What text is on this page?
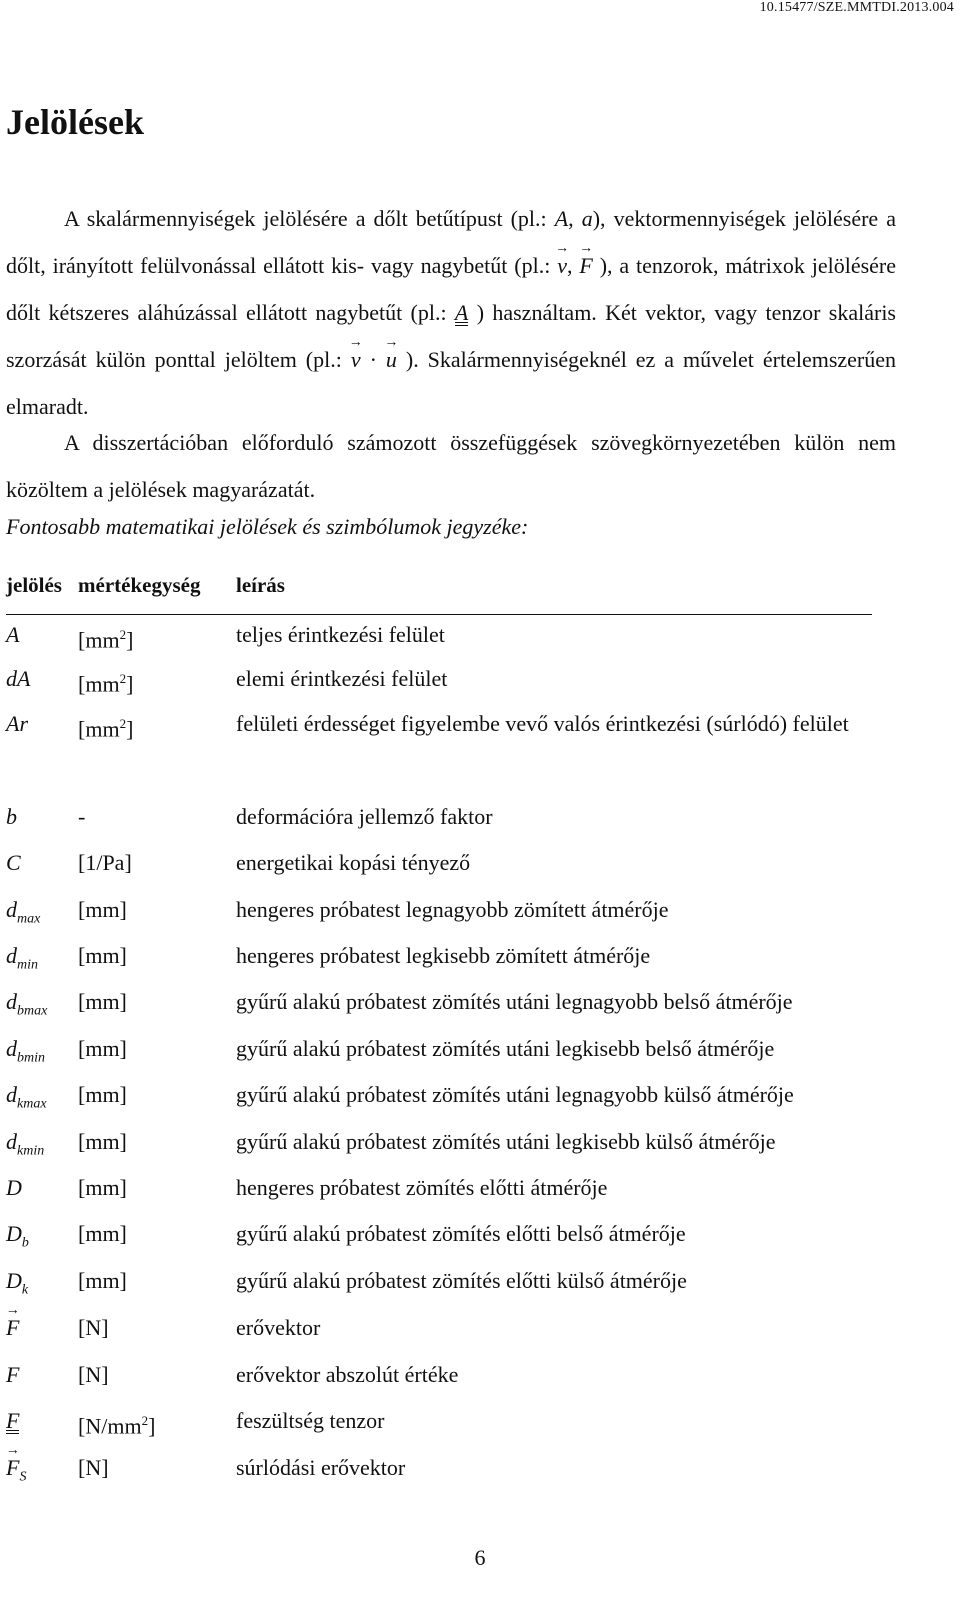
10.15477/SZE.MMTDI.2013.004
Jelölések

A skalármennyiségek jelölésére a dőlt betűtípust (pl.: A, a), vektormennyiségek jelölésére a dőlt, irányított felülvonással ellátott kis- vagy nagybetűt (pl.: → v, → F ), a tenzorok, mátrixok jelölésére dőlt kétszeres aláhúzással ellátott nagybetűt (pl.: A ) használtam. Két vektor, vagy tenzor skaláris szorzását külön ponttal jelöltem (pl.: → v · → u ). Skalármennyiségeknél ez a művelet értelemszerűen elmaradt.

A disszertációban előforduló számozott összefüggések szövegkörnyezetében külön nem közöltem a jelölések magyarázatát.

Fontosabb matematikai jelölések és szimbólumok jegyzéke:

jelölés mértékegység leírás
A	$[mm^2]$	teljes érintkezési felület
dA $[mm^2]$	elemi érintkezési felület
Ar $[mm^2]$	felületi érdességet figyelembe vevő valós érintkezési (súrlódó) felület
b	-	deformációra jellemző faktor
C	[1/Pa]	energetikai kopási tényező
$d_{max}$ [mm]	hengeres próbatest legnagyobb zömített átmérője
$d_{min}$ [mm]	hengeres próbatest legkisebb zömített átmérője
$d_{bmax}$ [mm]	gyűrű alakú próbatest zömítés utáni legnagyobb belső átmérője
$d_{bmin}$ [mm]	gyűrű alakú próbatest zömítés utáni legkisebb belső átmérője
$d_{kmax}$ [mm]	gyűrű alakú próbatest zömítés utáni legnagyobb külső átmérője
$d_{kmin}$ [mm]	gyűrű alakú próbatest zömítés utáni legkisebb külső átmérője
D	[mm]	hengeres próbatest zömítés előtti átmérője
$D_b$ [mm]	gyűrű alakú próbatest zömítés előtti belső átmérője
$D_k$ [mm]	gyűrű alakú próbatest zömítés előtti külső átmérője
→ F	[N]	erővektor
F	[N]	erővektor abszolút értéke
F	$[N/mm^2]$	feszültség tenzor
→ $F_S$ [N]	súrlódási erővektor
6
